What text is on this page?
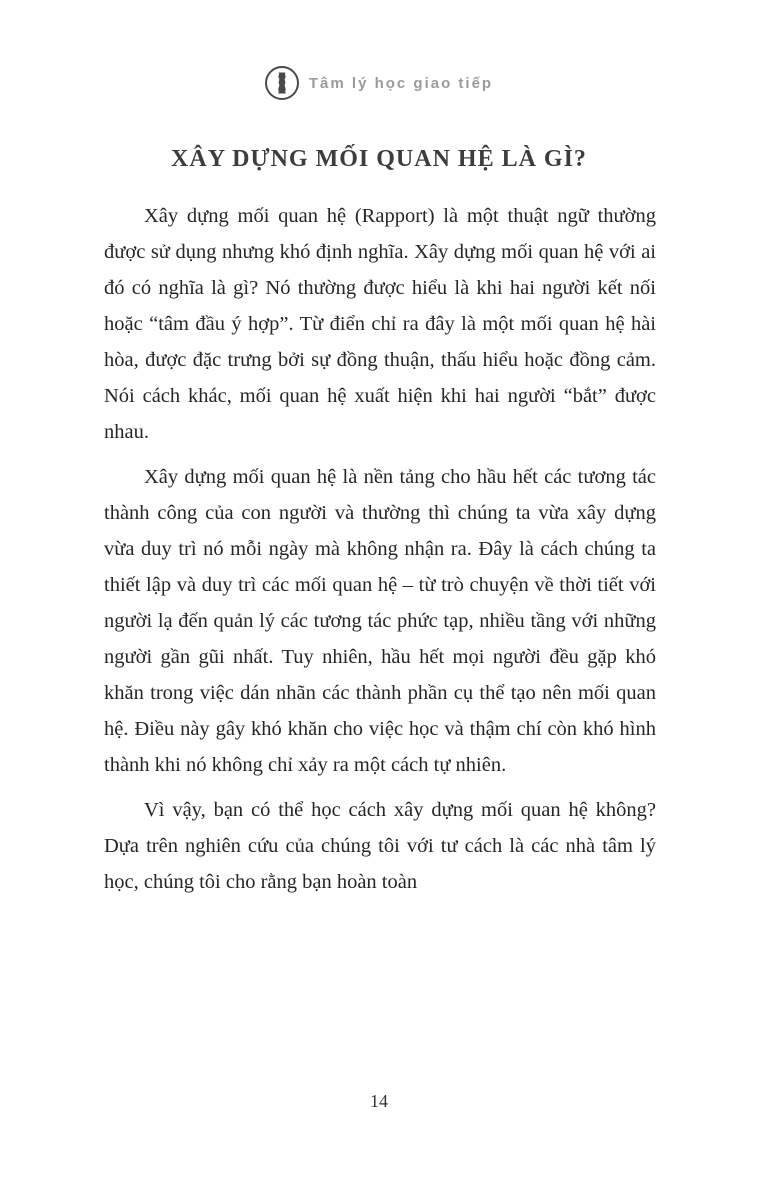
Tâm lý học giao tiếp
XÂY DỰNG MỐI QUAN HỆ LÀ GÌ?

Xây dựng mối quan hệ (Rapport) là một thuật ngữ thường được sử dụng nhưng khó định nghĩa. Xây dựng mối quan hệ với ai đó có nghĩa là gì? Nó thường được hiểu là khi hai người kết nối hoặc “tâm đầu ý hợp”. Từ điển chỉ ra đây là một mối quan hệ hài hòa, được đặc trưng bởi sự đồng thuận, thấu hiểu hoặc đồng cảm. Nói cách khác, mối quan hệ xuất hiện khi hai người “bắt” được nhau.

Xây dựng mối quan hệ là nền tảng cho hầu hết các tương tác thành công của con người và thường thì chúng ta vừa xây dựng vừa duy trì nó mỗi ngày mà không nhận ra. Đây là cách chúng ta thiết lập và duy trì các mối quan hệ – từ trò chuyện về thời tiết với người lạ đến quản lý các tương tác phức tạp, nhiều tầng với những người gần gũi nhất. Tuy nhiên, hầu hết mọi người đều gặp khó khăn trong việc dán nhãn các thành phần cụ thể tạo nên mối quan hệ. Điều này gây khó khăn cho việc học và thậm chí còn khó hình thành khi nó không chỉ xảy ra một cách tự nhiên.

Vì vậy, bạn có thể học cách xây dựng mối quan hệ không? Dựa trên nghiên cứu của chúng tôi với tư cách là các nhà tâm lý học, chúng tôi cho rằng bạn hoàn toàn

14
